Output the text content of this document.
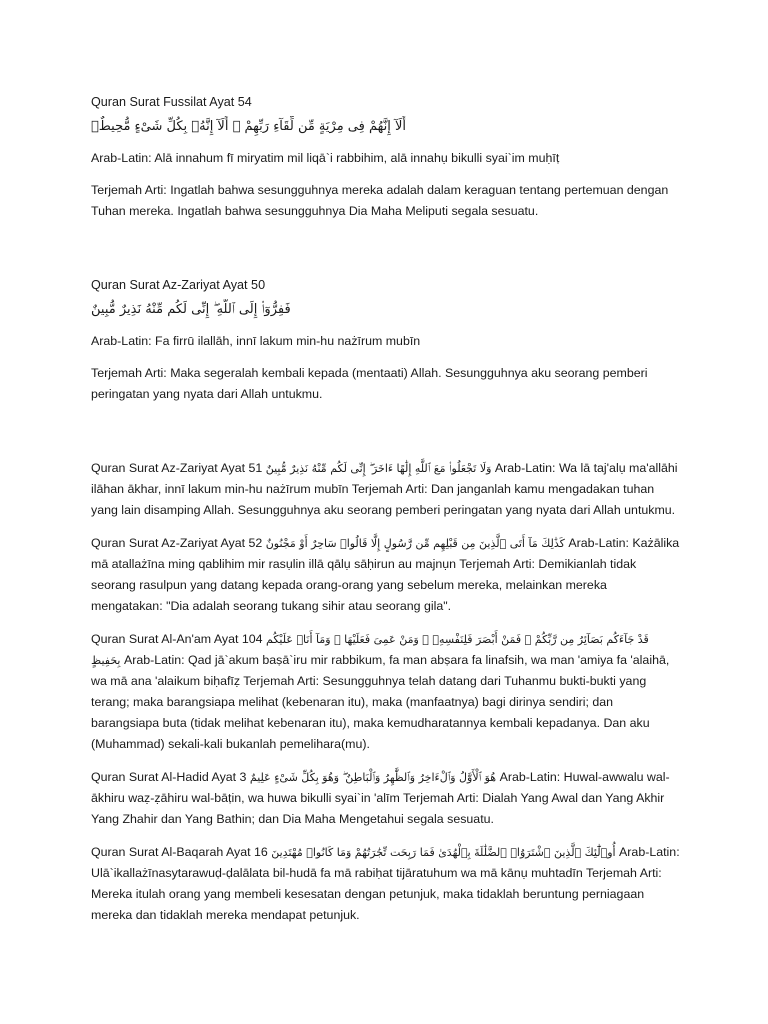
Quran Surat Fussilat Ayat 54

أَلَآ إِنَّهُمْ فِى مِرْيَةٍ مِّن لِّقَآءِ رَبِّهِمْ ۗ أَلَآ إِنَّهُۥ بِكُلِّ شَىْءٍ مُّحِيطٌۢ

Arab-Latin: Alā innahum fī miryatim mil liqā`i rabbihim, alā innahụ bikulli syai`im muḥīṭ

Terjemah Arti: Ingatlah bahwa sesungguhnya mereka adalah dalam keraguan tentang pertemuan dengan Tuhan mereka. Ingatlah bahwa sesungguhnya Dia Maha Meliputi segala sesuatu.

Quran Surat Az-Zariyat Ayat 50

فَفِرُّوٓا۟ إِلَى ٱللَّهِ ۖ إِنِّى لَكُم مِّنْهُ نَذِيرٌ مُّبِينٌ

Arab-Latin: Fa firrū ilallāh, innī lakum min-hu nażīrum mubīn

Terjemah Arti: Maka segeralah kembali kepada (mentaati) Allah. Sesungguhnya aku seorang pemberi peringatan yang nyata dari Allah untukmu.

Quran Surat Az-Zariyat Ayat 51 وَلَا تَجْعَلُوا۟ مَعَ ٱللَّهِ إِلَٰهًا ءَاخَرَ ۖ إِنِّى لَكُم مِّنْهُ نَذِيرٌ مُّبِينٌ Arab-Latin: Wa lā taj'alụ ma'allāhi ilāhan ākhar, innī lakum min-hu nażīrum mubīn Terjemah Arti: Dan janganlah kamu mengadakan tuhan yang lain disamping Allah. Sesungguhnya aku seorang pemberi peringatan yang nyata dari Allah untukmu.

Quran Surat Az-Zariyat Ayat 52 كَذَٰلِكَ مَآ أَتَى ٱلَّذِينَ مِن قَبْلِهِم مِّن رَّسُولٍ إِلَّا قَالُوا۟ سَاحِرٌ أَوْ مَجْنُونٌ Arab-Latin: Każālika mā atallażīna ming qablihim mir rasụlin illā qālụ sāḥirun au majnụn Terjemah Arti: Demikianlah tidak seorang rasulpun yang datang kepada orang-orang yang sebelum mereka, melainkan mereka mengatakan: "Dia adalah seorang tukang sihir atau seorang gila".

Quran Surat Al-An'am Ayat 104 قَدْ جَآءَكُم بَصَآئِرُ مِن رَّبِّكُمْ ۖ فَمَنْ أَبْصَرَ فَلِنَفْسِهِۦ ۖ وَمَنْ عَمِىَ فَعَلَيْهَا ۚ وَمَآ أَنَا۠ عَلَيْكُم بِحَفِيظٍ Arab-Latin: Qad jā`akum baṣā`iru mir rabbikum, fa man abṣara fa linafsih, wa man 'amiya fa 'alaihā, wa mā ana 'alaikum biḥafīẓ Terjemah Arti: Sesungguhnya telah datang dari Tuhanmu bukti-bukti yang terang; maka barangsiapa melihat (kebenaran itu), maka (manfaatnya) bagi dirinya sendiri; dan barangsiapa buta (tidak melihat kebenaran itu), maka kemudharatannya kembali kepadanya. Dan aku (Muhammad) sekali-kali bukanlah pemelihara(mu).

Quran Surat Al-Hadid Ayat 3 هُوَ ٱلْأَوَّلُ وَٱلْءَاخِرُ وَٱلظَّٰهِرُ وَٱلْبَاطِنُ ۖ وَهُوَ بِكُلِّ شَىْءٍ عَلِيمٌ Arab-Latin: Huwal-awwalu wal-ākhiru waẓ-ẓāhiru wal-bāṭin, wa huwa bikulli syai`in 'alīm Terjemah Arti: Dialah Yang Awal dan Yang Akhir Yang Zhahir dan Yang Bathin; dan Dia Maha Mengetahui segala sesuatu.

Quran Surat Al-Baqarah Ayat 16 أُو۟لَٰٓئِكَ ٱلَّذِينَ ٱشْتَرَوُا۟ ٱلضَّلَٰلَةَ بِٱلْهُدَىٰ فَمَا رَبِحَت تِّجَٰرَتُهُمْ وَمَا كَانُوا۟ مُهْتَدِينَ Arab-Latin: Ulā`ikallażīnasytarawuḍ-ḍalālata bil-hudā fa mā rabiḥat tijāratuhum wa mā kānụ muhtadīn Terjemah Arti: Mereka itulah orang yang membeli kesesatan dengan petunjuk, maka tidaklah beruntung perniagaan mereka dan tidaklah mereka mendapat petunjuk.
